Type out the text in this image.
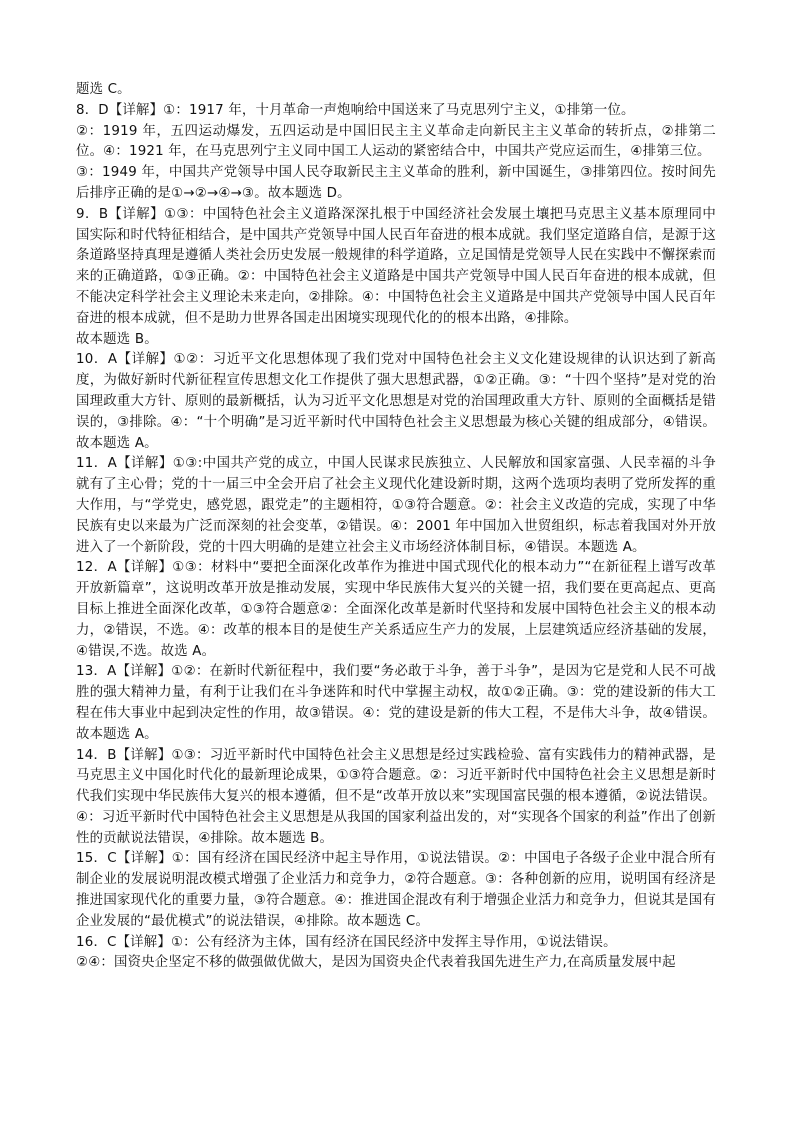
题选 C。

8．D【详解】①：1917 年，十月革命一声炮响给中国送来了马克思列宁主义，①排第一位。

②：1919 年，五四运动爆发，五四运动是中国旧民主主义革命走向新民主主义革命的转折点，②排第二位。④：1921 年，在马克思列宁主义同中国工人运动的紧密结合中，中国共产党应运而生，④排第三位。

③：1949 年，中国共产党领导中国人民夺取新民主主义革命的胜利，新中国诞生，③排第四位。按时间先后排序正确的是①→②→④→③。故本题选 D。

9．B【详解】①③：中国特色社会主义道路深深扎根于中国经济社会发展土壤把马克思主义基本原理同中国实际和时代特征相结合，是中国共产党领导中国人民百年奋进的根本成就。我们坚定道路自信，是源于这条道路坚持真理是遵循人类社会历史发展一般规律的科学道路，立足国情是党领导人民在实践中不懈探索而来的正确道路，①③正确。②：中国特色社会主义道路是中国共产党领导中国人民百年奋进的根本成就，但不能决定科学社会主义理论未来走向，②排除。④：中国特色社会主义道路是中国共产党领导中国人民百年奋进的根本成就，但不是助力世界各国走出困境实现现代化的的根本出路，④排除。

故本题选 B。

10．A【详解】①②：习近平文化思想体现了我们党对中国特色社会主义文化建设规律的认识达到了新高度，为做好新时代新征程宣传思想文化工作提供了强大思想武器，①②正确。③：“十四个坚持”是对党的治国理政重大方针、原则的最新概括，认为习近平文化思想是对党的治国理政重大方针、原则的全面概括是错误的，③排除。④：“十个明确”是习近平新时代中国特色社会主义思想最为核心关键的组成部分，④错误。故本题选 A。

11．A【详解】①③:中国共产党的成立，中国人民谋求民族独立、人民解放和国家富强、人民幸福的斗争就有了主心骨；党的十一届三中全会开启了社会主义现代化建设新时期，这两个选项均表明了党所发挥的重大作用，与“学党史，感党恩，跟党走”的主题相符，①③符合题意。②：社会主义改造的完成，实现了中华民族有史以来最为广泛而深刻的社会变革，②错误。④：2001 年中国加入世贸组织，标志着我国对外开放进入了一个新阶段，党的十四大明确的是建立社会主义市场经济体制目标，④错误。本题选 A。

12．A【详解】①③：材料中“要把全面深化改革作为推进中国式现代化的根本动力”“在新征程上谱写改革开放新篇章”，这说明改革开放是推动发展，实现中华民族伟大复兴的关键一招，我们要在更高起点、更高目标上推进全面深化改革，①③符合题意②：全面深化改革是新时代坚持和发展中国特色社会主义的根本动力，②错误，不选。④：改革的根本目的是使生产关系适应生产力的发展，上层建筑适应经济基础的发展，④错误,不选。故选 A。

13．A【详解】①②：在新时代新征程中，我们要“务必敢于斗争，善于斗争”，是因为它是党和人民不可战胜的强大精神力量，有利于让我们在斗争迷阵和时代中掌握主动权，故①②正确。③：党的建设新的伟大工程在伟大事业中起到决定性的作用，故③错误。④：党的建设是新的伟大工程，不是伟大斗争，故④错误。故本题选 A。

14．B【详解】①③：习近平新时代中国特色社会主义思想是经过实践检验、富有实践伟力的精神武器，是马克思主义中国化时代化的最新理论成果，①③符合题意。②：习近平新时代中国特色社会主义思想是新时代我们实现中华民族伟大复兴的根本遵循，但不是“改革开放以来”实现国富民强的根本遵循，②说法错误。④：习近平新时代中国特色社会主义思想是从我国的国家利益出发的，对“实现各个国家的利益”作出了创新性的贡献说法错误，④排除。故本题选 B。

15．C【详解】①：国有经济在国民经济中起主导作用，①说法错误。②：中国电子各级子企业中混合所有制企业的发展说明混改模式增强了企业活力和竞争力，②符合题意。③：各种创新的应用，说明国有经济是推进国家现代化的重要力量，③符合题意。④：推进国企混改有利于增强企业活力和竞争力，但说其是国有企业发展的“最优模式”的说法错误，④排除。故本题选 C。

16．C【详解】①：公有经济为主体，国有经济在国民经济中发挥主导作用，①说法错误。

②④：国资央企坚定不移的做强做优做大，是因为国资央企代表着我国先进生产力,在高质量发展中起
